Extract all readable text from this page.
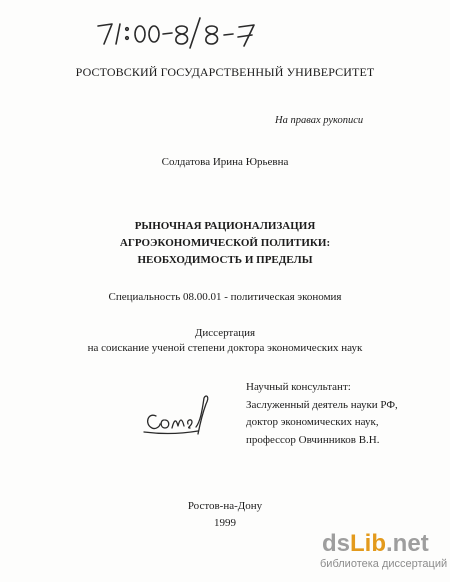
РОСТОВСКИЙ ГОСУДАРСТВЕННЫЙ УНИВЕРСИТЕТ
На правах рукописи
Солдатова Ирина Юрьевна
РЫНОЧНАЯ РАЦИОНАЛИЗАЦИЯ
АГРОЭКОНОМИЧЕСКОЙ ПОЛИТИКИ:
НЕОБХОДИМОСТЬ И ПРЕДЕЛЫ
Специальность 08.00.01 - политическая экономия
Диссертация
на соискание ученой степени доктора экономических наук
Научный консультант:
Заслуженный деятель науки РФ,
доктор экономических наук,
профессор Овчинников В.Н.
Ростов-на-Дону
1999
dsLib.net
библиотека диссертаций
